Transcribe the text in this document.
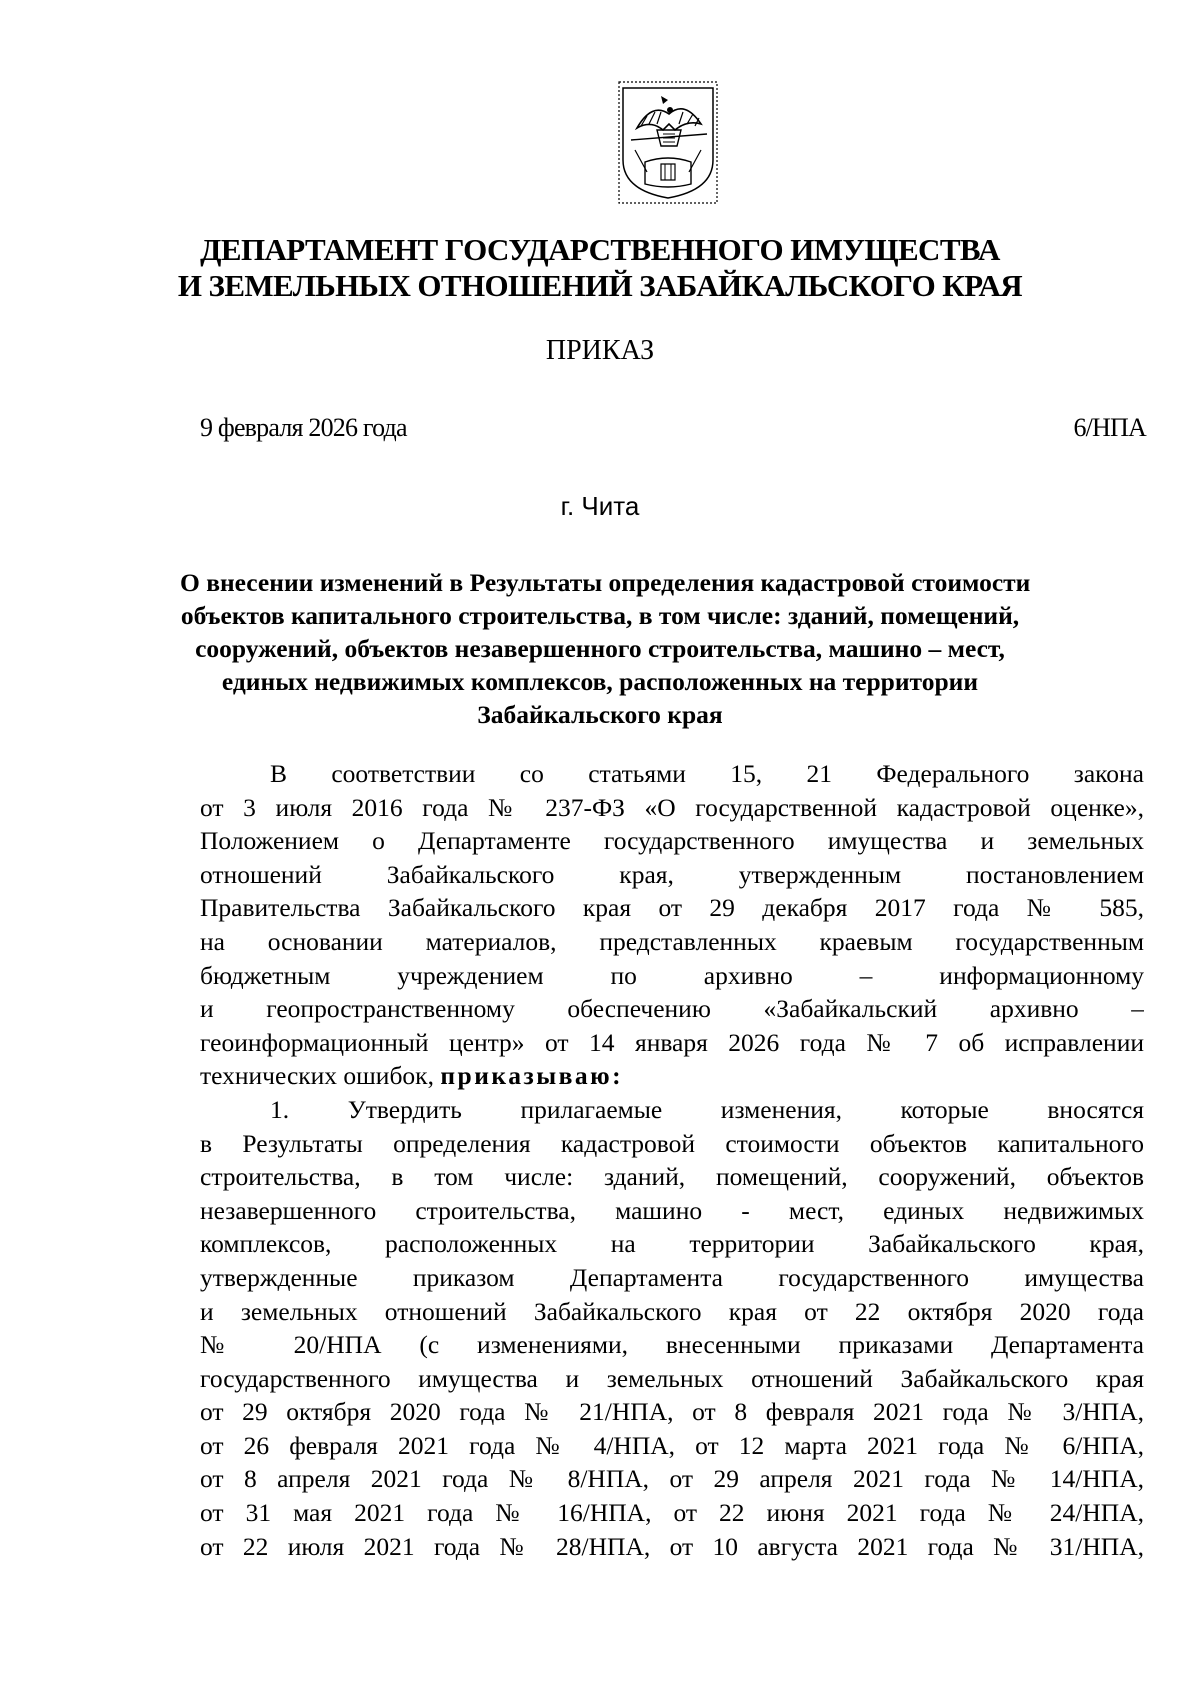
ДЕПАРТАМЕНТ ГОСУДАРСТВЕННОГО ИМУЩЕСТВА
И ЗЕМЕЛЬНЫХ ОТНОШЕНИЙ ЗАБАЙКАЛЬСКОГО КРАЯ
ПРИКАЗ
9 февраля 2026 года	6/НПА
г. Чита
О внесении изменений в Результаты определения кадастровой стоимости
объектов капитального строительства, в том числе: зданий, помещений,
сооружений, объектов незавершенного строительства, машино – мест,
единых недвижимых комплексов, расположенных на территории
Забайкальского края
В соответствии со статьями 15, 21 Федерального закона
от 3 июля 2016 года № 237-ФЗ «О государственной кадастровой оценке»,
Положением о Департаменте государственного имущества и земельных
отношений Забайкальского края, утвержденным постановлением
Правительства Забайкальского края от 29 декабря 2017 года № 585,
на основании материалов, представленных краевым государственным
бюджетным учреждением по архивно – информационному
и геопространственному обеспечению «Забайкальский архивно –
геоинформационный центр» от 14 января 2026 года № 7 об исправлении
технических ошибок, приказываю:
1. Утвердить прилагаемые изменения, которые вносятся
в Результаты определения кадастровой стоимости объектов капитального
строительства, в том числе: зданий, помещений, сооружений, объектов
незавершенного строительства, машино - мест, единых недвижимых
комплексов, расположенных на территории Забайкальского края,
утвержденные приказом Департамента государственного имущества
и земельных отношений Забайкальского края от 22 октября 2020 года
№ 20/НПА (с изменениями, внесенными приказами Департамента
государственного имущества и земельных отношений Забайкальского края
от 29 октября 2020 года № 21/НПА, от 8 февраля 2021 года № 3/НПА,
от 26 февраля 2021 года № 4/НПА, от 12 марта 2021 года № 6/НПА,
от 8 апреля 2021 года № 8/НПА, от 29 апреля 2021 года № 14/НПА,
от 31 мая 2021 года № 16/НПА, от 22 июня 2021 года № 24/НПА,
от 22 июля 2021 года № 28/НПА, от 10 августа 2021 года № 31/НПА,
